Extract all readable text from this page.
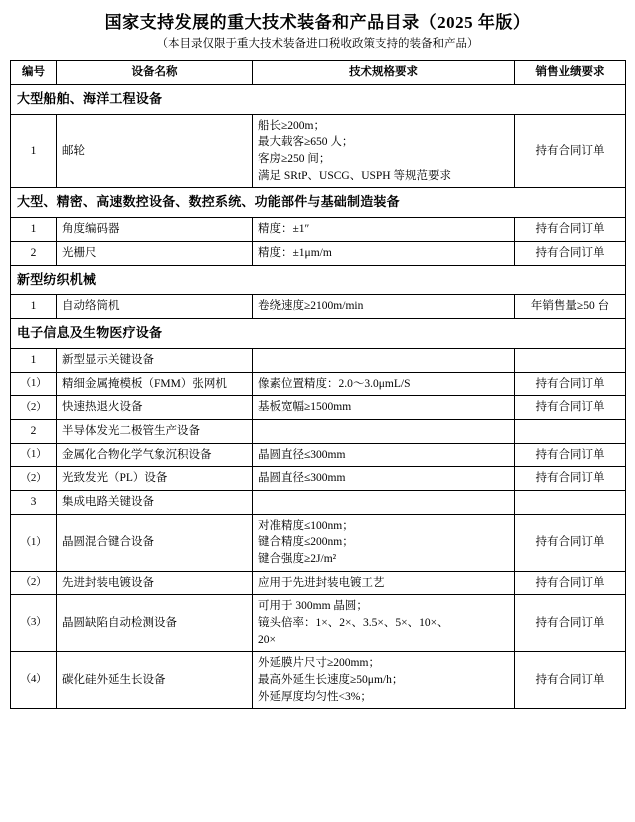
国家支持发展的重大技术装备和产品目录（2025 年版）
（本目录仅限于重大技术装备进口税收政策支持的装备和产品）
编号	设备名称	技术规格要求	销售业绩要求
大型船舶、海洋工程设备			
1	邮轮	船长≥200m；
最大载客≥650 人；
客房≥250 间；
满足 SRtP、USCG、USPH 等规范要求	持有合同订单
大型、精密、高速数控设备、数控系统、功能部件与基础制造装备			
1	角度编码器	精度：±1″	持有合同订单
2	光栅尺	精度：±1μm/m	持有合同订单
新型纺织机械			
1	自动络筒机	卷绕速度≥2100m/min	年销售量≥50 台
电子信息及生物医疗设备			
1	新型显示关键设备	

（1）	精细金属掩模板（FMM）张网机	像素位置精度：2.0～3.0μmL/S	持有合同订单
（2）	快速热退火设备	基板宽幅≥1500mm	持有合同订单
2	半导体发光二极管生产设备	

（1）	金属化合物化学气象沉积设备	晶圆直径≤300mm	持有合同订单
（2）	光致发光（PL）设备	晶圆直径≤300mm	持有合同订单
3	集成电路关键设备	

（1）	晶圆混合键合设备	对准精度≤100nm；
键合精度≤200nm；
键合强度≥2J/m²	持有合同订单
（2）	先进封装电镀设备	应用于先进封装电镀工艺	持有合同订单
（3）	晶圆缺陷自动检测设备	可用于 300mm 晶圆；
镜头倍率：1×、2×、3.5×、5×、10×、
20×	持有合同订单
（4）	碳化硅外延生长设备	外延膜片尺寸≥200mm；
最高外延生长速度≥50μm/h；
外延厚度均匀性<3%；	持有合同订单
